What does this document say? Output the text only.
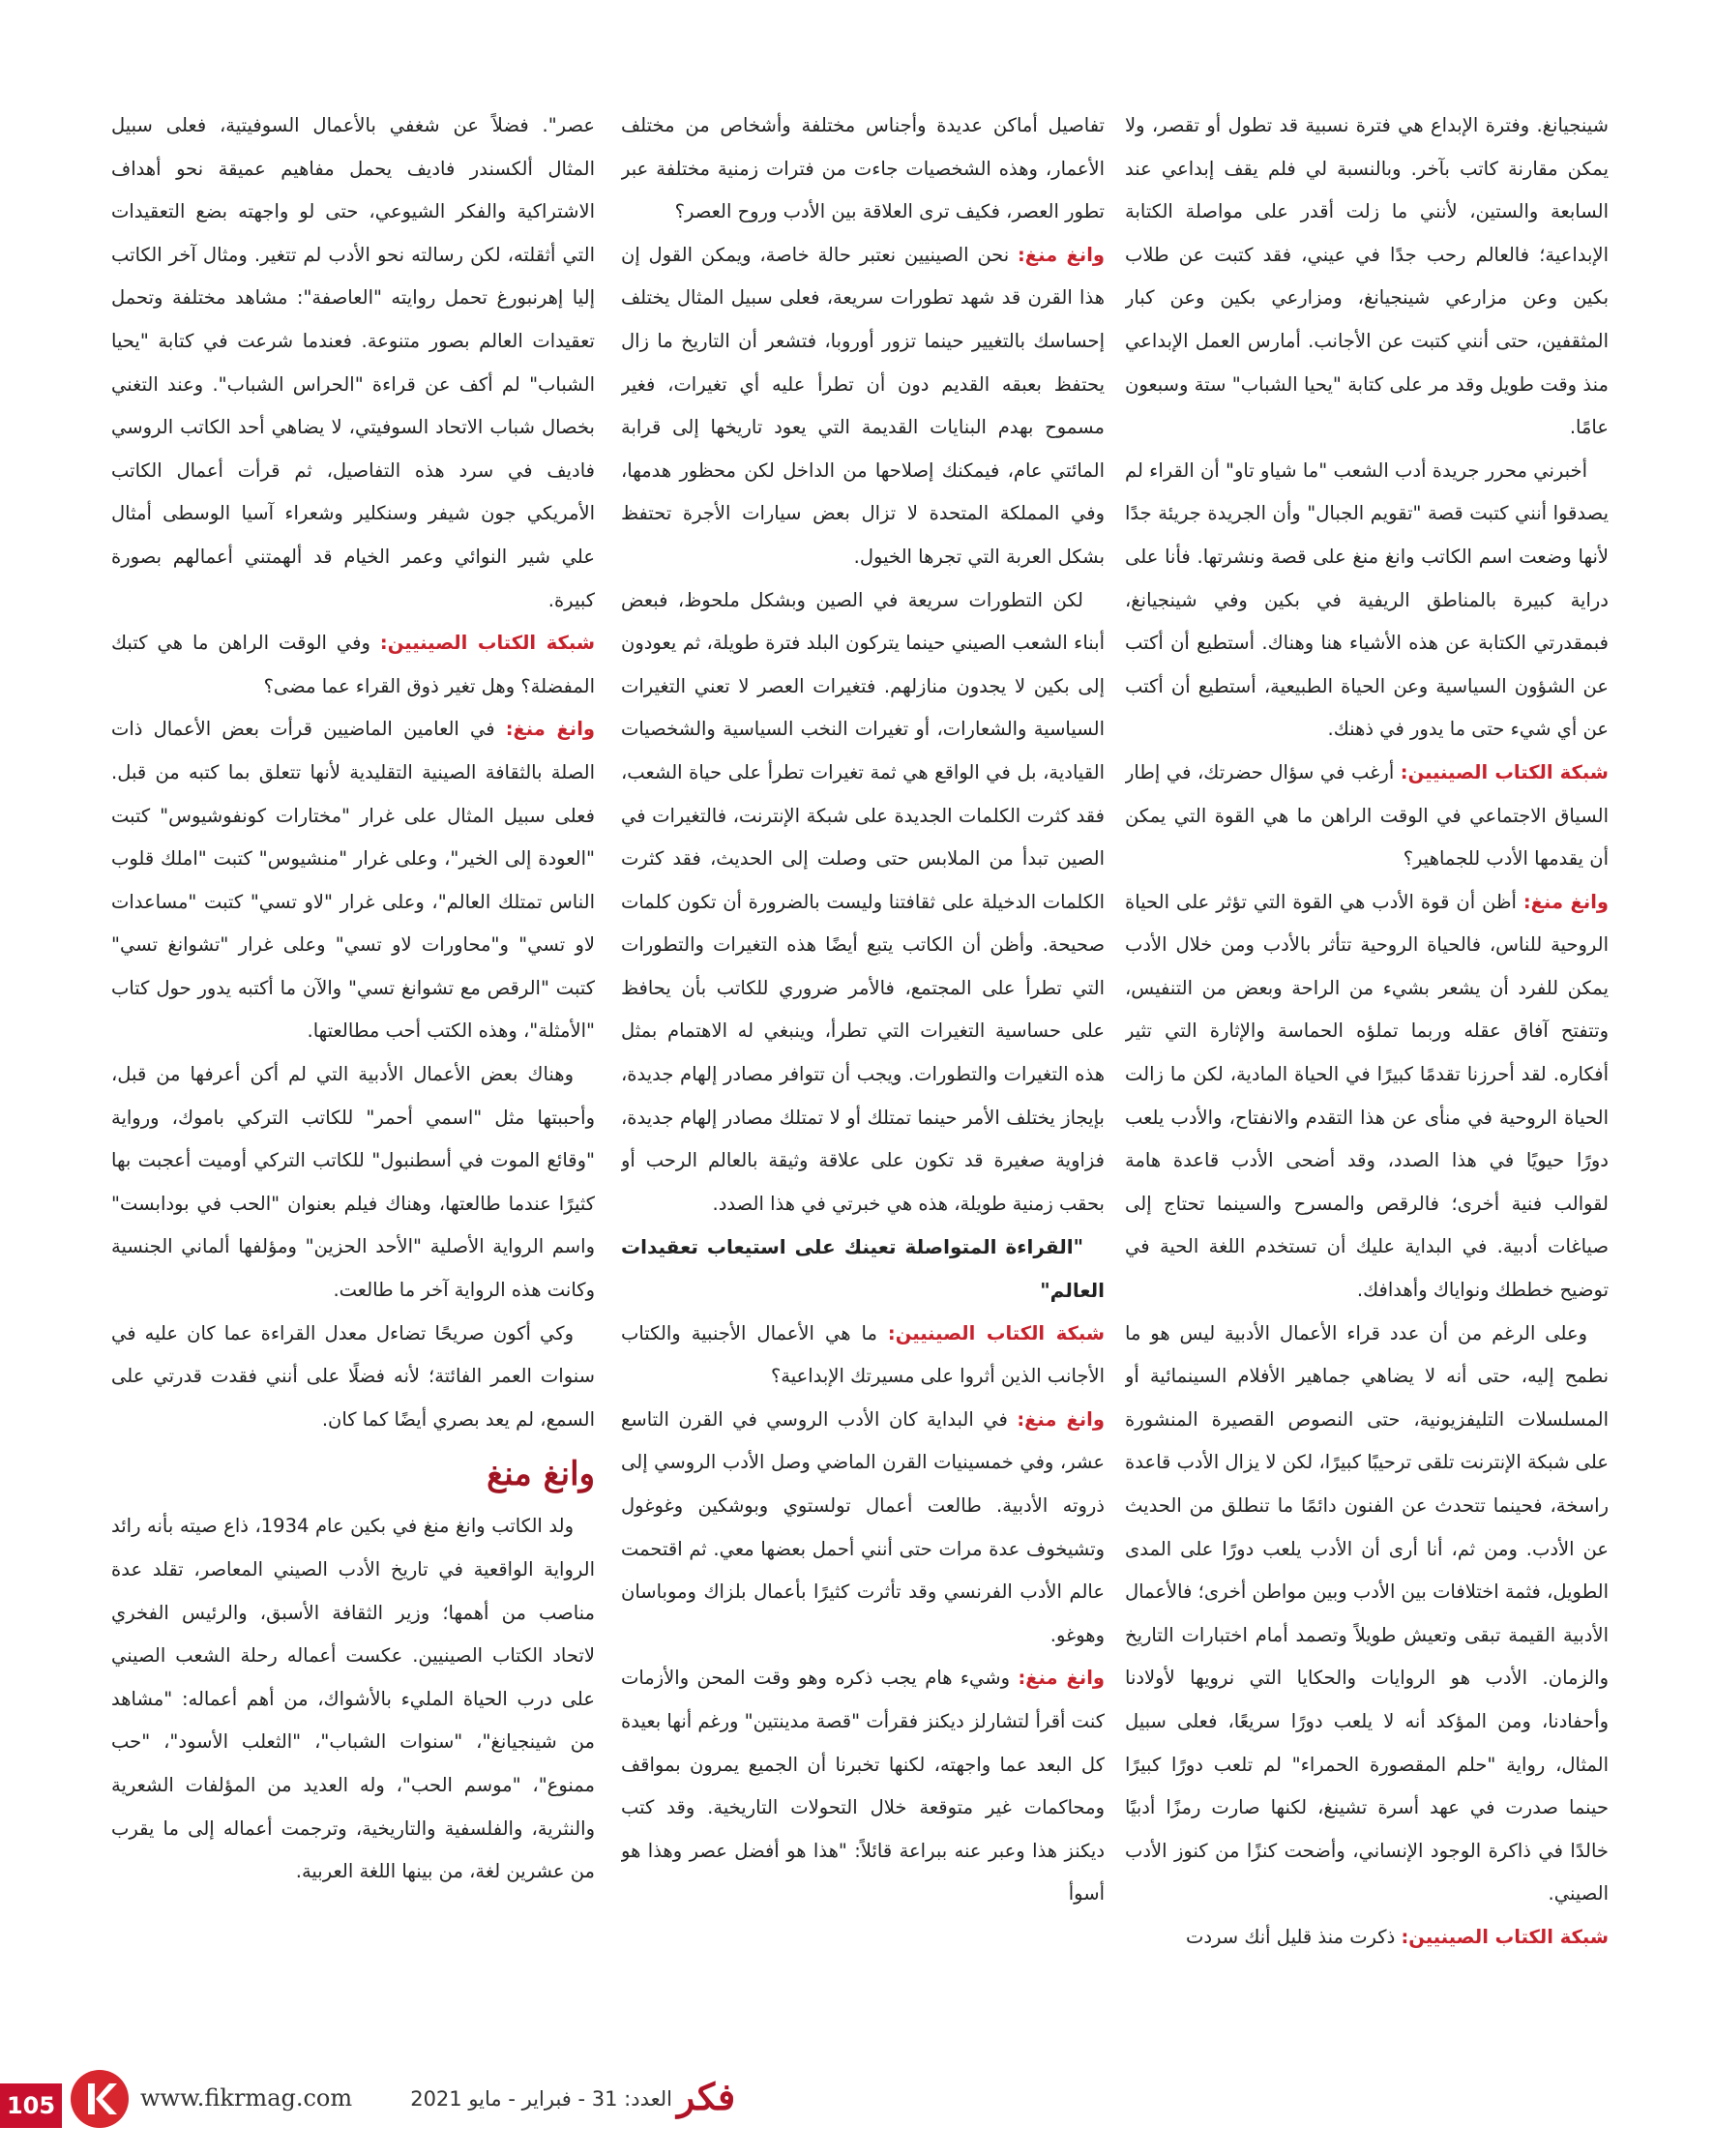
شينجيانغ. وفترة الإبداع هي فترة نسبية قد تطول أو تقصر، ولا يمكن مقارنة كاتب بآخر. وبالنسبة لي فلم يقف إبداعي عند السابعة والستين، لأنني ما زلت أقدر على مواصلة الكتابة الإبداعية؛ فالعالم رحب جدًا في عيني، فقد كتبت عن طلاب بكين وعن مزارعي شينجيانغ، ومزارعي بكين وعن كبار المثقفين، حتى أنني كتبت عن الأجانب. أمارس العمل الإبداعي منذ وقت طويل وقد مر على كتابة "يحيا الشباب" ستة وسبعون عامًا.

أخبرني محرر جريدة أدب الشعب "ما شياو تاو" أن القراء لم يصدقوا أنني كتبت قصة "تقويم الجبال" وأن الجريدة جريئة جدًا لأنها وضعت اسم الكاتب وانغ منغ على قصة ونشرتها. فأنا على دراية كبيرة بالمناطق الريفية في بكين وفي شينجيانغ، فبمقدرتي الكتابة عن هذه الأشياء هنا وهناك. أستطيع أن أكتب عن الشؤون السياسية وعن الحياة الطبيعية، أستطيع أن أكتب عن أي شيء حتى ما يدور في ذهنك.

شبكة الكتاب الصينيين: أرغب في سؤال حضرتك، في إطار السياق الاجتماعي في الوقت الراهن ما هي القوة التي يمكن أن يقدمها الأدب للجماهير؟

وانغ منغ: أظن أن قوة الأدب هي القوة التي تؤثر على الحياة الروحية للناس، فالحياة الروحية تتأثر بالأدب ومن خلال الأدب يمكن للفرد أن يشعر بشيء من الراحة وبعض من التنفيس، وتتفتح آفاق عقله وربما تملؤه الحماسة والإثارة التي تثير أفكاره. لقد أحرزنا تقدمًا كبيرًا في الحياة المادية، لكن ما زالت الحياة الروحية في منأى عن هذا التقدم والانفتاح، والأدب يلعب دورًا حيويًا في هذا الصدد، وقد أضحى الأدب قاعدة هامة لقوالب فنية أخرى؛ فالرقص والمسرح والسينما تحتاج إلى صياغات أدبية. في البداية عليك أن تستخدم اللغة الحية في توضيح خططك ونواياك وأهدافك.

وعلى الرغم من أن عدد قراء الأعمال الأدبية ليس هو ما نطمح إليه، حتى أنه لا يضاهي جماهير الأفلام السينمائية أو المسلسلات التليفزيونية، حتى النصوص القصيرة المنشورة على شبكة الإنترنت تلقى ترحيبًا كبيرًا، لكن لا يزال الأدب قاعدة راسخة، فحينما تتحدث عن الفنون دائمًا ما تنطلق من الحديث عن الأدب. ومن ثم، أنا أرى أن الأدب يلعب دورًا على المدى الطويل، فثمة اختلافات بين الأدب وبين مواطن أخرى؛ فالأعمال الأدبية القيمة تبقى وتعيش طويلاً وتصمد أمام اختبارات التاريخ والزمان. الأدب هو الروايات والحكايا التي نرويها لأولادنا وأحفادنا، ومن المؤكد أنه لا يلعب دورًا سريعًا، فعلى سبيل المثال، رواية "حلم المقصورة الحمراء" لم تلعب دورًا كبيرًا حينما صدرت في عهد أسرة تشينغ، لكنها صارت رمزًا أدبيًا خالدًا في ذاكرة الوجود الإنساني، وأضحت كنزًا من كنوز الأدب الصيني.

شبكة الكتاب الصينيين: ذكرت منذ قليل أنك سردت

تفاصيل أماكن عديدة وأجناس مختلفة وأشخاص من مختلف الأعمار، وهذه الشخصيات جاءت من فترات زمنية مختلفة عبر تطور العصر، فكيف ترى العلاقة بين الأدب وروح العصر؟

وانغ منغ: نحن الصينيين نعتبر حالة خاصة، ويمكن القول إن هذا القرن قد شهد تطورات سريعة، فعلى سبيل المثال يختلف إحساسك بالتغيير حينما تزور أوروبا، فتشعر أن التاريخ ما زال يحتفظ بعبقه القديم دون أن تطرأ عليه أي تغيرات، فغير مسموح بهدم البنايات القديمة التي يعود تاريخها إلى قرابة المائتي عام، فيمكنك إصلاحها من الداخل لكن محظور هدمها، وفي المملكة المتحدة لا تزال بعض سيارات الأجرة تحتفظ بشكل العربة التي تجرها الخيول.

لكن التطورات سريعة في الصين وبشكل ملحوظ، فبعض أبناء الشعب الصيني حينما يتركون البلد فترة طويلة، ثم يعودون إلى بكين لا يجدون منازلهم. فتغيرات العصر لا تعني التغيرات السياسية والشعارات، أو تغيرات النخب السياسية والشخصيات القيادية، بل في الواقع هي ثمة تغيرات تطرأ على حياة الشعب، فقد كثرت الكلمات الجديدة على شبكة الإنترنت، فالتغيرات في الصين تبدأ من الملابس حتى وصلت إلى الحديث، فقد كثرت الكلمات الدخيلة على ثقافتنا وليست بالضرورة أن تكون كلمات صحيحة. وأظن أن الكاتب يتبع أيضًا هذه التغيرات والتطورات التي تطرأ على المجتمع، فالأمر ضروري للكاتب بأن يحافظ على حساسية التغيرات التي تطرأ، وينبغي له الاهتمام بمثل هذه التغيرات والتطورات. ويجب أن تتوافر مصادر إلهام جديدة، بإيجاز يختلف الأمر حينما تمتلك أو لا تمتلك مصادر إلهام جديدة، فزاوية صغيرة قد تكون على علاقة وثيقة بالعالم الرحب أو بحقب زمنية طويلة، هذه هي خبرتي في هذا الصدد.

"القراءة المتواصلة تعينك على استيعاب تعقيدات العالم"

شبكة الكتاب الصينيين: ما هي الأعمال الأجنبية والكتاب الأجانب الذين أثروا على مسيرتك الإبداعية؟

وانغ منغ: في البداية كان الأدب الروسي في القرن التاسع عشر، وفي خمسينيات القرن الماضي وصل الأدب الروسي إلى ذروته الأدبية. طالعت أعمال تولستوي وبوشكين وغوغول وتشيخوف عدة مرات حتى أنني أحمل بعضها معي. ثم اقتحمت عالم الأدب الفرنسي وقد تأثرت كثيرًا بأعمال بلزاك وموباسان وهوغو.

وانغ منغ: وشيء هام يجب ذكره وهو وقت المحن والأزمات كنت أقرأ لتشارلز ديكنز فقرأت "قصة مدينتين" ورغم أنها بعيدة كل البعد عما واجهته، لكنها تخبرنا أن الجميع يمرون بمواقف ومحاكمات غير متوقعة خلال التحولات التاريخية. وقد كتب ديكنز هذا وعبر عنه ببراعة قائلاً: "هذا هو أفضل عصر وهذا هو أسوأ

عصر". فضلاً عن شغفي بالأعمال السوفيتية، فعلى سبيل المثال ألكسندر فاديف يحمل مفاهيم عميقة نحو أهداف الاشتراكية والفكر الشيوعي، حتى لو واجهته بضع التعقيدات التي أثقلته، لكن رسالته نحو الأدب لم تتغير. ومثال آخر الكاتب إليا إهرنبورغ تحمل روايته "العاصفة": مشاهد مختلفة وتحمل تعقيدات العالم بصور متنوعة. فعندما شرعت في كتابة "يحيا الشباب" لم أكف عن قراءة "الحراس الشباب". وعند التغني بخصال شباب الاتحاد السوفيتي، لا يضاهي أحد الكاتب الروسي فاديف في سرد هذه التفاصيل، ثم قرأت أعمال الكاتب الأمريكي جون شيفر وسنكلير وشعراء آسيا الوسطى أمثال علي شير النوائي وعمر الخيام قد ألهمتني أعمالهم بصورة كبيرة.

شبكة الكتاب الصينيين: وفي الوقت الراهن ما هي كتبك المفضلة؟ وهل تغير ذوق القراء عما مضى؟

وانغ منغ: في العامين الماضيين قرأت بعض الأعمال ذات الصلة بالثقافة الصينية التقليدية لأنها تتعلق بما كتبه من قبل. فعلى سبيل المثال على غرار "مختارات كونفوشيوس" كتبت "العودة إلى الخير"، وعلى غرار "منشيوس" كتبت "املك قلوب الناس تمتلك العالم"، وعلى غرار "لاو تسي" كتبت "مساعدات لاو تسي" و"محاورات لاو تسي" وعلى غرار "تشوانغ تسي" كتبت "الرقص مع تشوانغ تسي" والآن ما أكتبه يدور حول كتاب "الأمثلة"، وهذه الكتب أحب مطالعتها.

وهناك بعض الأعمال الأدبية التي لم أكن أعرفها من قبل، وأحببتها مثل "اسمي أحمر" للكاتب التركي باموك، ورواية "وقائع الموت في أسطنبول" للكاتب التركي أوميت أعجبت بها كثيرًا عندما طالعتها، وهناك فيلم بعنوان "الحب في بودابست" واسم الرواية الأصلية "الأحد الحزين" ومؤلفها ألماني الجنسية وكانت هذه الرواية آخر ما طالعت.

وكي أكون صريحًا تضاءل معدل القراءة عما كان عليه في سنوات العمر الفائتة؛ لأنه فضلًا على أنني فقدت قدرتي على السمع، لم يعد بصري أيضًا كما كان.

وانغ منغ

ولد الكاتب وانغ منغ في بكين عام 1934، ذاع صيته بأنه رائد الرواية الواقعية في تاريخ الأدب الصيني المعاصر، تقلد عدة مناصب من أهمها؛ وزير الثقافة الأسبق، والرئيس الفخري لاتحاد الكتاب الصينيين. عكست أعماله رحلة الشعب الصيني على درب الحياة المليء بالأشواك، من أهم أعماله: "مشاهد من شينجيانغ"، "سنوات الشباب"، "الثعلب الأسود"، "حب ممنوع"، "موسم الحب"، وله العديد من المؤلفات الشعرية والنثرية، والفلسفية والتاريخية، وترجمت أعماله إلى ما يقرب من عشرين لغة، من بينها اللغة العربية.

105	www.fikrmag.com	العدد: 31 - فبراير - مايو 2021 فكر
